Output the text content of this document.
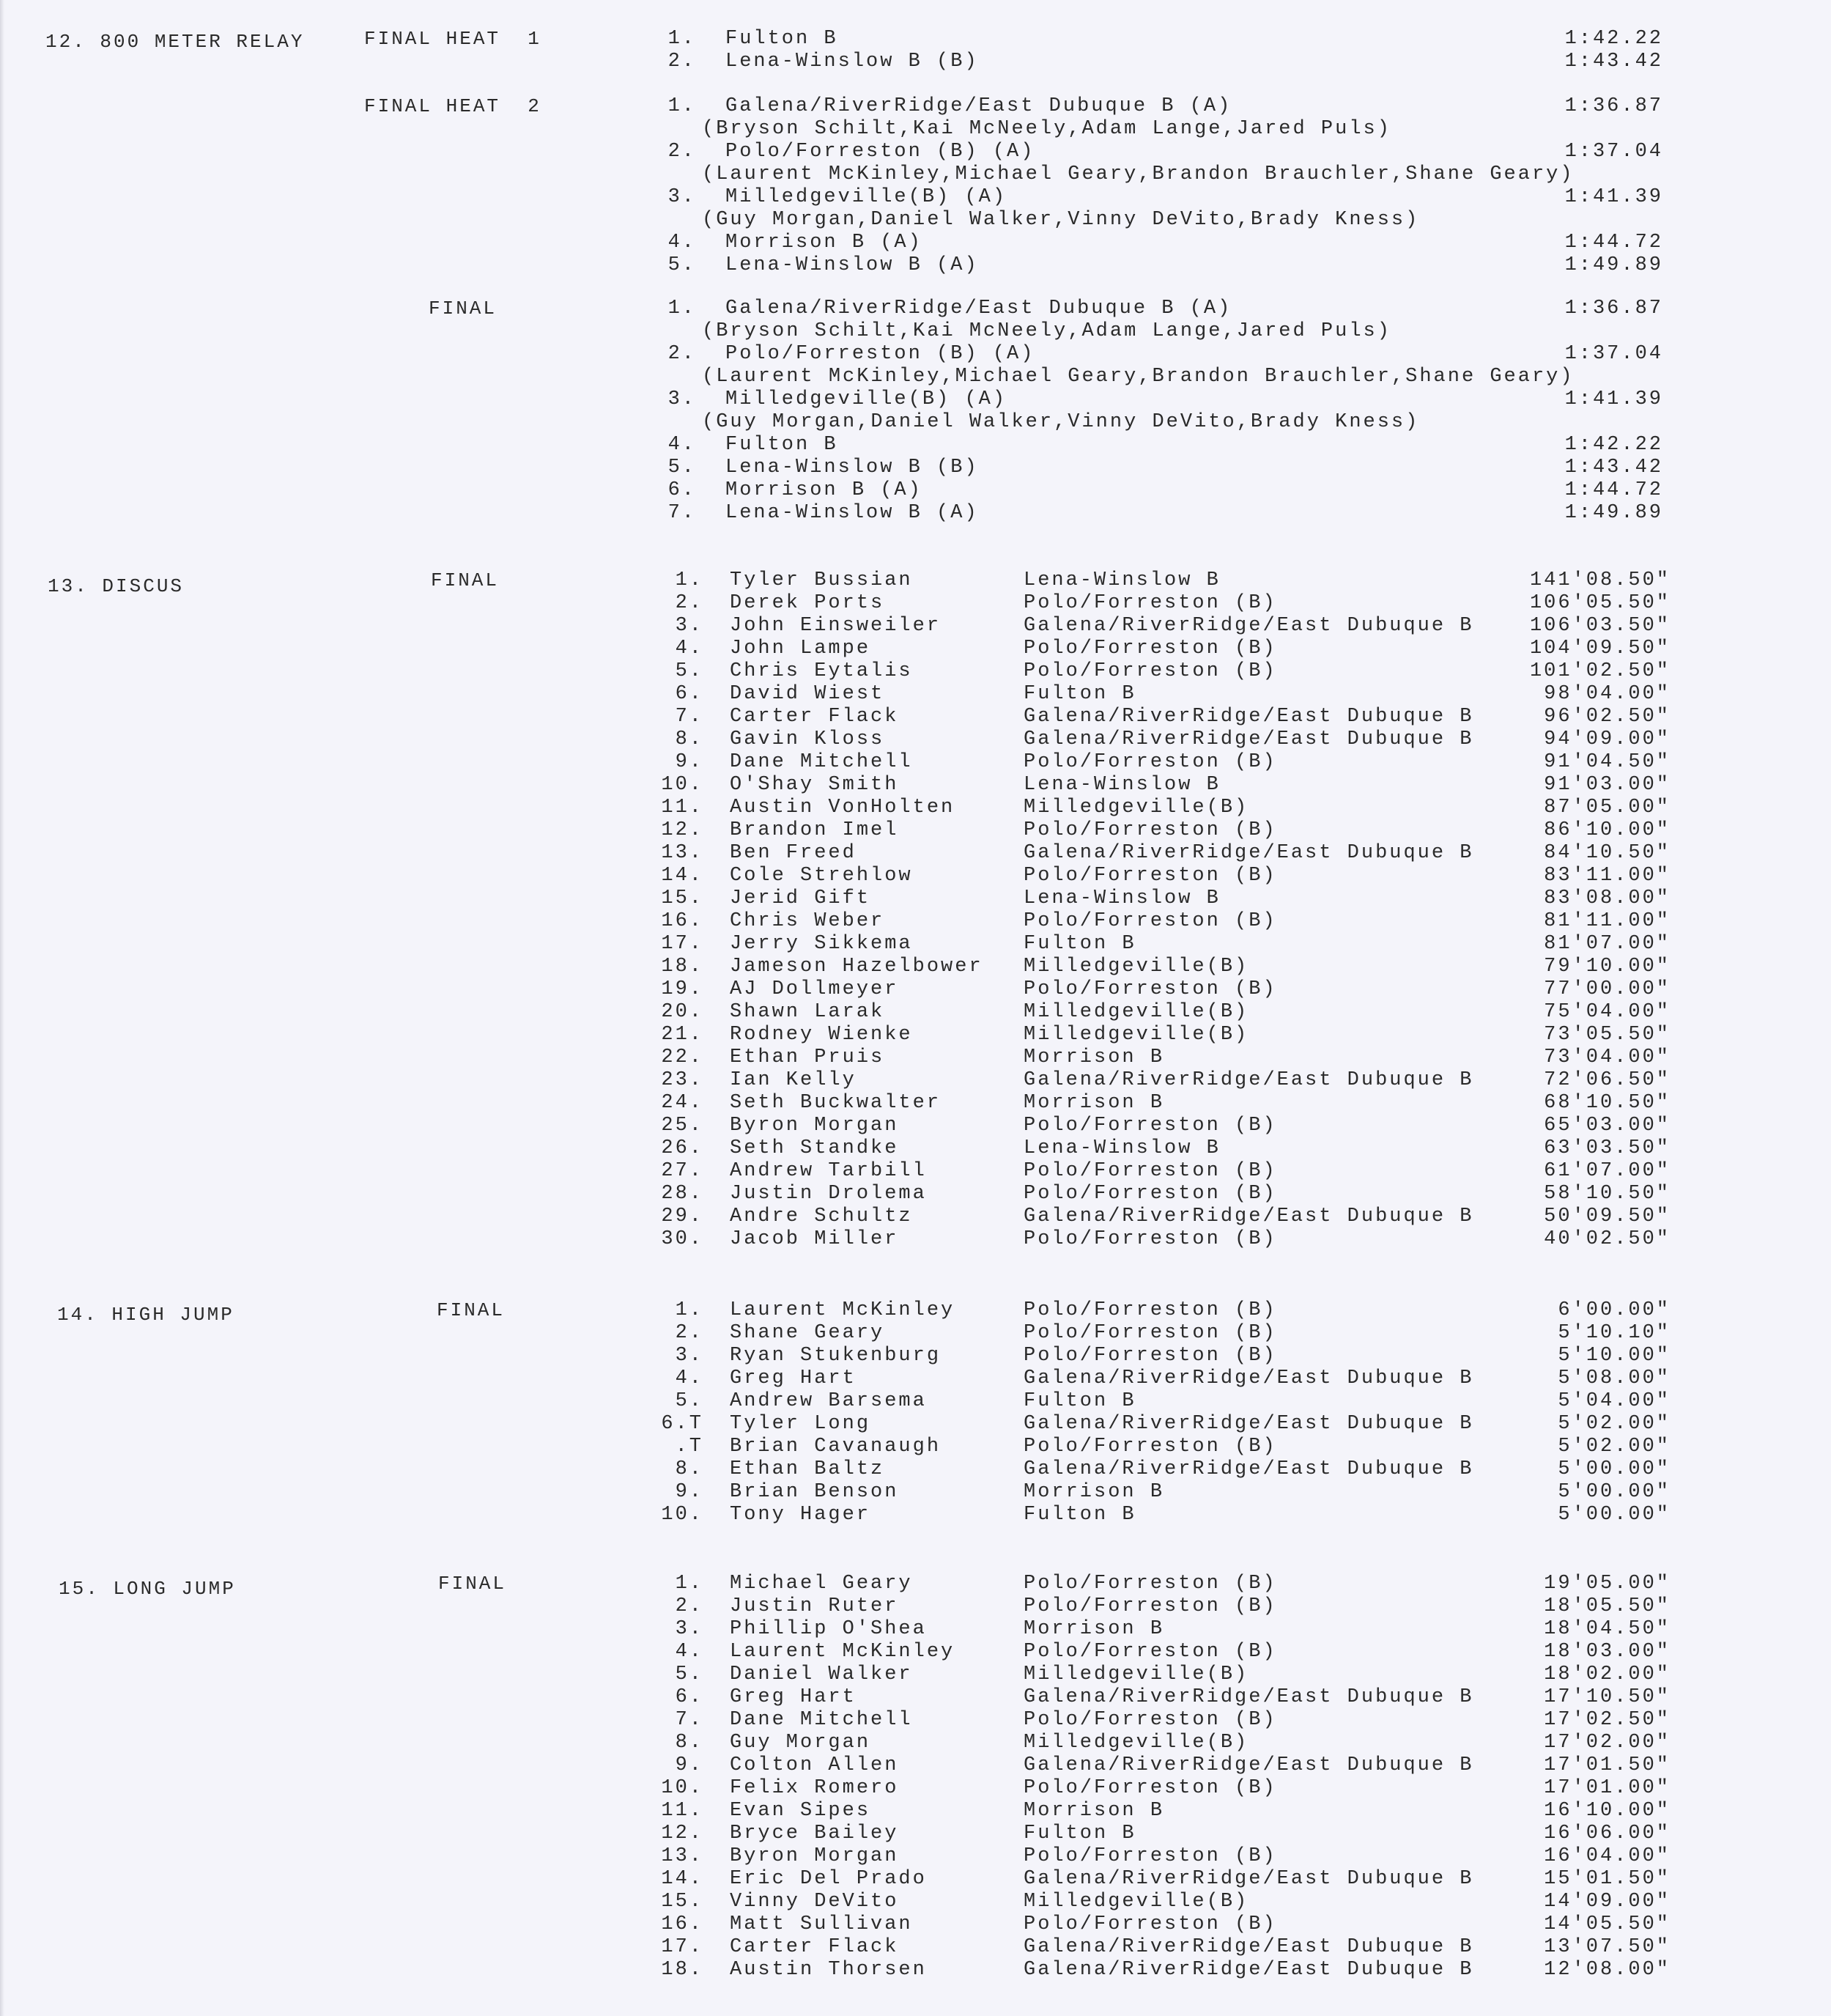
12. 800 METER RELAY	FINAL HEAT  1	1. Fulton B	1:42.22
2. Lena-Winslow B (B)	1:43.42
FINAL HEAT  2	1. Galena/RiverRidge/East Dubuque B (A)	1:36.87
(Bryson Schilt,Kai McNeely,Adam Lange,Jared Puls)
2. Polo/Forreston (B) (A)	1:37.04
(Laurent McKinley,Michael Geary,Brandon Brauchler,Shane Geary)
3. Milledgeville(B) (A)	1:41.39
(Guy Morgan,Daniel Walker,Vinny DeVito,Brady Kness)
4. Morrison B (A)	1:44.72
5. Lena-Winslow B (A)	1:49.89
FINAL	1. Galena/RiverRidge/East Dubuque B (A)	1:36.87
(Bryson Schilt,Kai McNeely,Adam Lange,Jared Puls)
2. Polo/Forreston (B) (A)	1:37.04
(Laurent McKinley,Michael Geary,Brandon Brauchler,Shane Geary)
3. Milledgeville(B) (A)	1:41.39
(Guy Morgan,Daniel Walker,Vinny DeVito,Brady Kness)
4. Fulton B	1:42.22
5. Lena-Winslow B (B)	1:43.42
6. Morrison B (A)	1:44.72
7. Lena-Winslow B (A)	1:49.89
13. DISCUS	FINAL	1. Tyler Bussian	Lena-Winslow B	141'08.50"
2. Derek Ports	Polo/Forreston (B)	106'05.50"
3. John Einsweiler	Galena/RiverRidge/East Dubuque B	106'03.50"
4. John Lampe	Polo/Forreston (B)	104'09.50"
5. Chris Eytalis	Polo/Forreston (B)	101'02.50"
6. David Wiest	Fulton B	98'04.00"
7. Carter Flack	Galena/RiverRidge/East Dubuque B	96'02.50"
8. Gavin Kloss	Galena/RiverRidge/East Dubuque B	94'09.00"
9. Dane Mitchell	Polo/Forreston (B)	91'04.50"
10. O'Shay Smith	Lena-Winslow B	91'03.00"
11. Austin VonHolten	Milledgeville(B)	87'05.00"
12. Brandon Imel	Polo/Forreston (B)	86'10.00"
13. Ben Freed	Galena/RiverRidge/East Dubuque B	84'10.50"
14. Cole Strehlow	Polo/Forreston (B)	83'11.00"
15. Jerid Gift	Lena-Winslow B	83'08.00"
16. Chris Weber	Polo/Forreston (B)	81'11.00"
17. Jerry Sikkema	Fulton B	81'07.00"
18. Jameson Hazelbower Milledgeville(B)	79'10.00"
19. AJ Dollmeyer	Polo/Forreston (B)	77'00.00"
20. Shawn Larak	Milledgeville(B)	75'04.00"
21. Rodney Wienke	Milledgeville(B)	73'05.50"
22. Ethan Pruis	Morrison B	73'04.00"
23. Ian Kelly	Galena/RiverRidge/East Dubuque B	72'06.50"
24. Seth Buckwalter	Morrison B	68'10.50"
25. Byron Morgan	Polo/Forreston (B)	65'03.00"
26. Seth Standke	Lena-Winslow B	63'03.50"
27. Andrew Tarbill	Polo/Forreston (B)	61'07.00"
28. Justin Drolema	Polo/Forreston (B)	58'10.50"
29. Andre Schultz	Galena/RiverRidge/East Dubuque B	50'09.50"
30. Jacob Miller	Polo/Forreston (B)	40'02.50"
14. HIGH JUMP	FINAL	1. Laurent McKinley	Polo/Forreston (B)	6'00.00"
2. Shane Geary	Polo/Forreston (B)	5'10.10"
3. Ryan Stukenburg	Polo/Forreston (B)	5'10.00"
4. Greg Hart	Galena/RiverRidge/East Dubuque B	5'08.00"
5. Andrew Barsema	Fulton B	5'04.00"
6.T Tyler Long	Galena/RiverRidge/East Dubuque B	5'02.00"
.T Brian Cavanaugh	Polo/Forreston (B)	5'02.00"
8. Ethan Baltz	Galena/RiverRidge/East Dubuque B	5'00.00"
9. Brian Benson	Morrison B	5'00.00"
10. Tony Hager	Fulton B	5'00.00"
15. LONG JUMP	FINAL	1. Michael Geary	Polo/Forreston (B)	19'05.00"
2. Justin Ruter	Polo/Forreston (B)	18'05.50"
3. Phillip O'Shea	Morrison B	18'04.50"
4. Laurent McKinley	Polo/Forreston (B)	18'03.00"
5. Daniel Walker	Milledgeville(B)	18'02.00"
6. Greg Hart	Galena/RiverRidge/East Dubuque B	17'10.50"
7. Dane Mitchell	Polo/Forreston (B)	17'02.50"
8. Guy Morgan	Milledgeville(B)	17'02.00"
9. Colton Allen	Galena/RiverRidge/East Dubuque B	17'01.50"
10. Felix Romero	Polo/Forreston (B)	17'01.00"
11. Evan Sipes	Morrison B	16'10.00"
12. Bryce Bailey	Fulton B	16'06.00"
13. Byron Morgan	Polo/Forreston (B)	16'04.00"
14. Eric Del Prado	Galena/RiverRidge/East Dubuque B	15'01.50"
15. Vinny DeVito	Milledgeville(B)	14'09.00"
16. Matt Sullivan	Polo/Forreston (B)	14'05.50"
17. Carter Flack	Galena/RiverRidge/East Dubuque B	13'07.50"
18. Austin Thorsen	Galena/RiverRidge/East Dubuque B	12'08.00"
